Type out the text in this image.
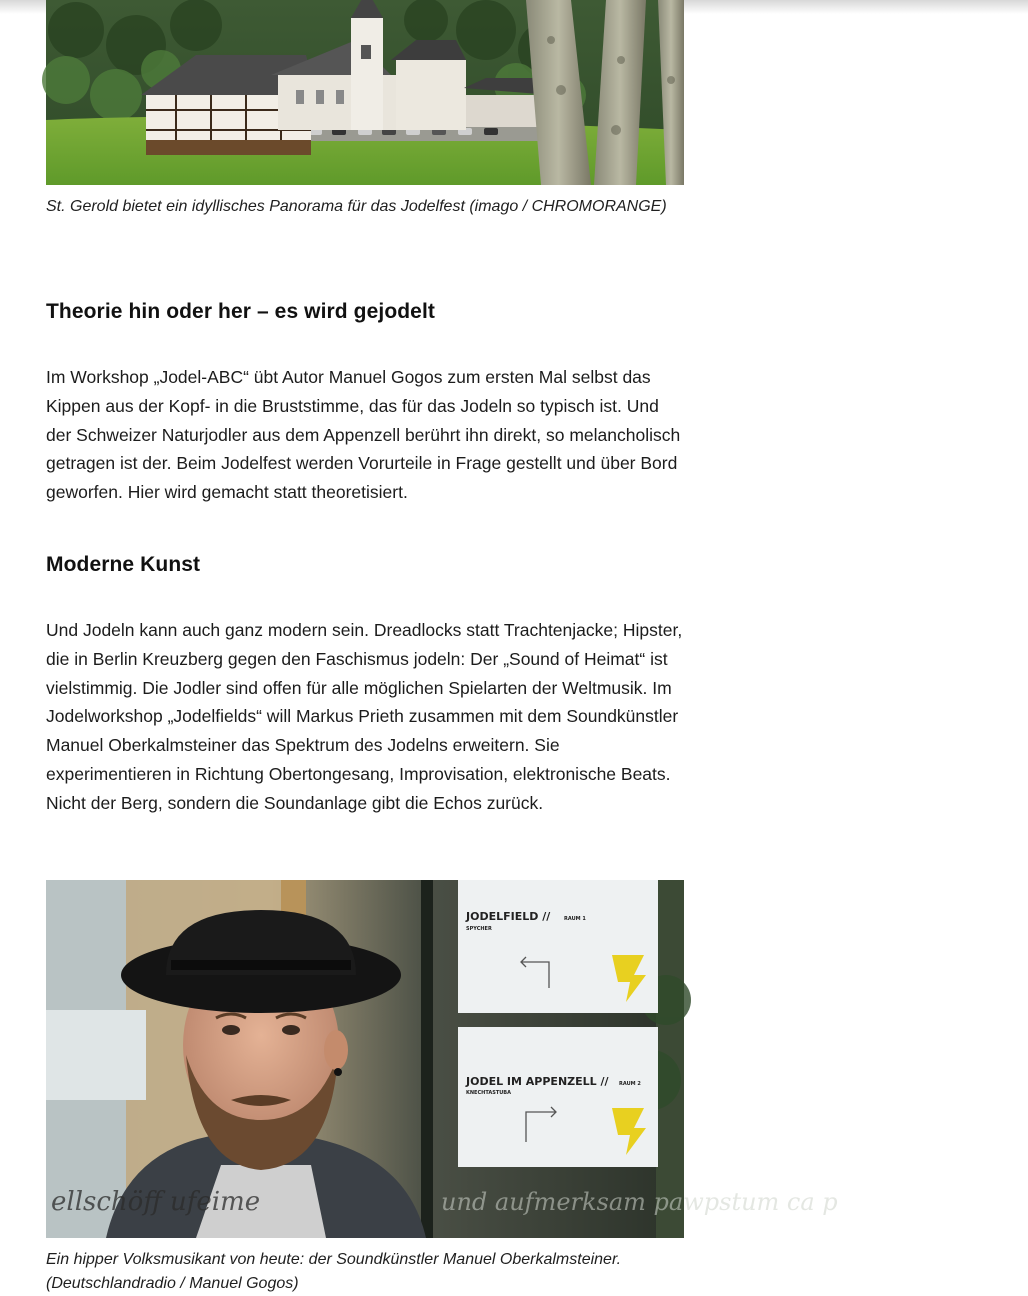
St. Gerold bietet ein idyllisches Panorama für das Jodelfest (imago / CHROMORANGE)
Theorie hin oder her – es wird gejodelt

Im Workshop „Jodel-ABC“ übt Autor Manuel Gogos zum ersten Mal selbst das Kippen aus der Kopf- in die Bruststimme, das für das Jodeln so typisch ist. Und der Schweizer Naturjodler aus dem Appenzell berührt ihn direkt, so melancholisch getragen ist der. Beim Jodelfest werden Vorurteile in Frage gestellt und über Bord geworfen. Hier wird gemacht statt theoretisiert.

Moderne Kunst

Und Jodeln kann auch ganz modern sein. Dreadlocks statt Trachtenjacke; Hipster, die in Berlin Kreuzberg gegen den Faschismus jodeln: Der „Sound of Heimat“ ist vielstimmig. Die Jodler sind offen für alle möglichen Spielarten der Weltmusik. Im Jodelworkshop „Jodelfields“ will Markus Prieth zusammen mit dem Soundkünstler Manuel Oberkalmsteiner das Spektrum des Jodelns erweitern. Sie experimentieren in Richtung Obertongesang, Improvisation, elektronische Beats. Nicht der Berg, sondern die Soundanlage gibt die Echos zurück.

JODELFIELD //	RAUM 1
SPYCHER
JODEL IM APPENZELL // RAUM 2
KNECHTASTUBA
ellschöff ufeime	und aufmerksam pawpstum ca p
Ein hipper Volksmusikant von heute: der Soundkünstler Manuel Oberkalmsteiner. (Deutschlandradio / Manuel Gogos)
